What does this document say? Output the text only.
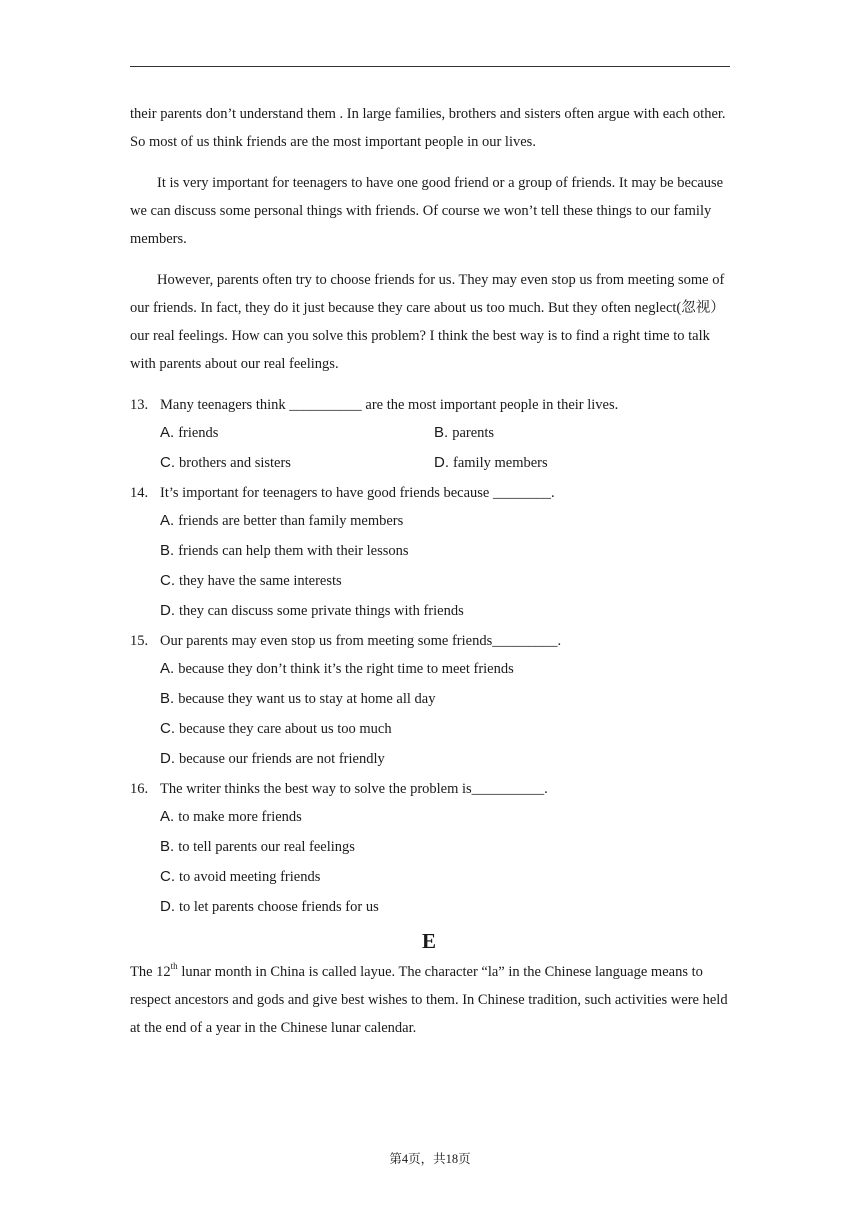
their parents don’t understand them . In large families, brothers and sisters often argue with each other. So most of us think friends are the most important people in our lives.

It is very important for teenagers to have one good friend or a group of friends. It may be because we can discuss some personal things with friends. Of course we won’t tell these things to our family members.

However, parents often try to choose friends for us. They may even stop us from meeting some of our friends. In fact, they do it just because they care about us too much. But they often neglect(忽视）our real feelings. How can you solve this problem? I think the best way is to find a right time to talk with parents about our real feelings.

13. Many teenagers think __________ are the most important people in their lives.
A. friends	B. parents
C. brothers and sisters	D. family members
14. It’s important for teenagers to have good friends because ________.
A. friends are better than family members
B. friends can help them with their lessons
C. they have the same interests
D. they can discuss some private things with friends
15. Our parents may even stop us from meeting some friends_________.
A. because they don’t think it’s the right time to meet friends
B. because they want us to stay at home all day
C. because they care about us too much
D. because our friends are not friendly
16. The writer thinks the best way to solve the problem is__________.
A. to make more friends
B. to tell parents our real feelings
C. to avoid meeting friends
D. to let parents choose friends for us
E

The 12th lunar month in China is called layue. The character “la” in the Chinese language means to respect ancestors and gods and give best wishes to them. In Chinese tradition, such activities were held at the end of a year in the Chinese lunar calendar.

第4页，共18页
